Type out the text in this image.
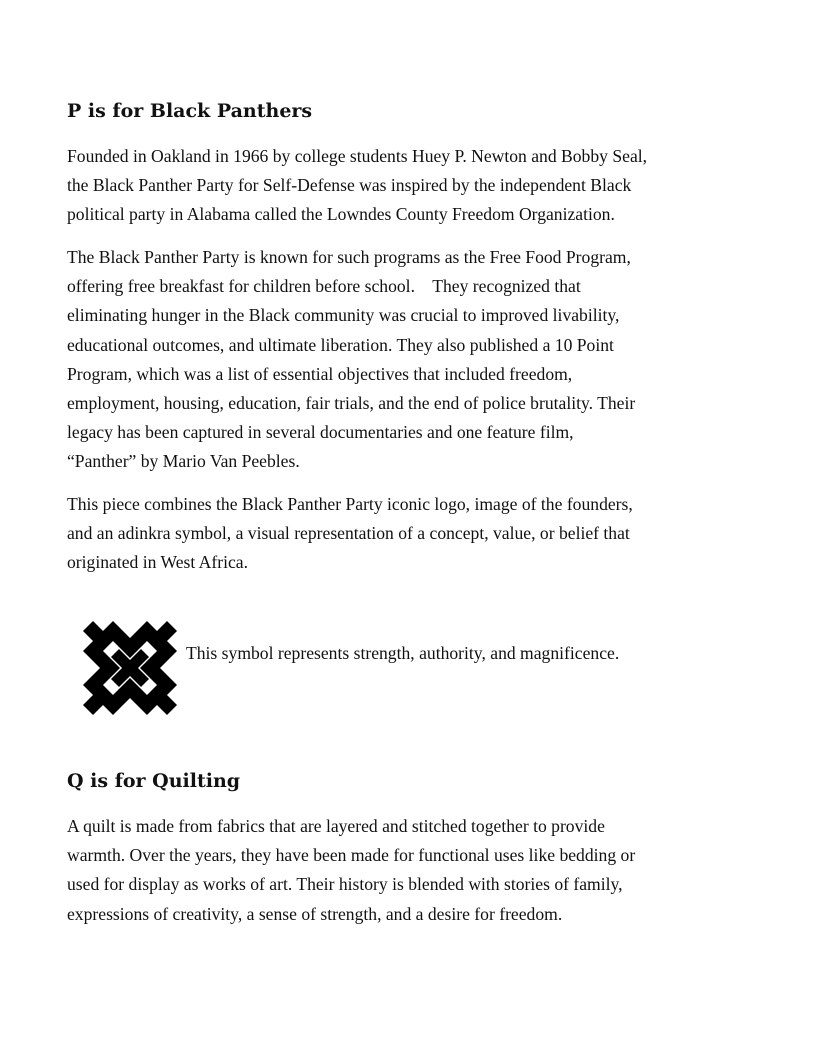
P is for Black Panthers

Founded in Oakland in 1966 by college students Huey P. Newton and Bobby Seal,
the Black Panther Party for Self-Defense was inspired by the independent Black
political party in Alabama called the Lowndes County Freedom Organization.

The Black Panther Party is known for such programs as the Free Food Program,
offering free breakfast for children before school.    They recognized that
eliminating hunger in the Black community was crucial to improved livability,
educational outcomes, and ultimate liberation. They also published a 10 Point
Program, which was a list of essential objectives that included freedom,
employment, housing, education, fair trials, and the end of police brutality. Their
legacy has been captured in several documentaries and one feature film,
“Panther” by Mario Van Peebles.

This piece combines the Black Panther Party iconic logo, image of the founders,
and an adinkra symbol, a visual representation of a concept, value, or belief that
originated in West Africa.

This symbol represents strength, authority, and magnificence.

Q is for Quilting

A quilt is made from fabrics that are layered and stitched together to provide
warmth. Over the years, they have been made for functional uses like bedding or
used for display as works of art. Their history is blended with stories of family,
expressions of creativity, a sense of strength, and a desire for freedom.
